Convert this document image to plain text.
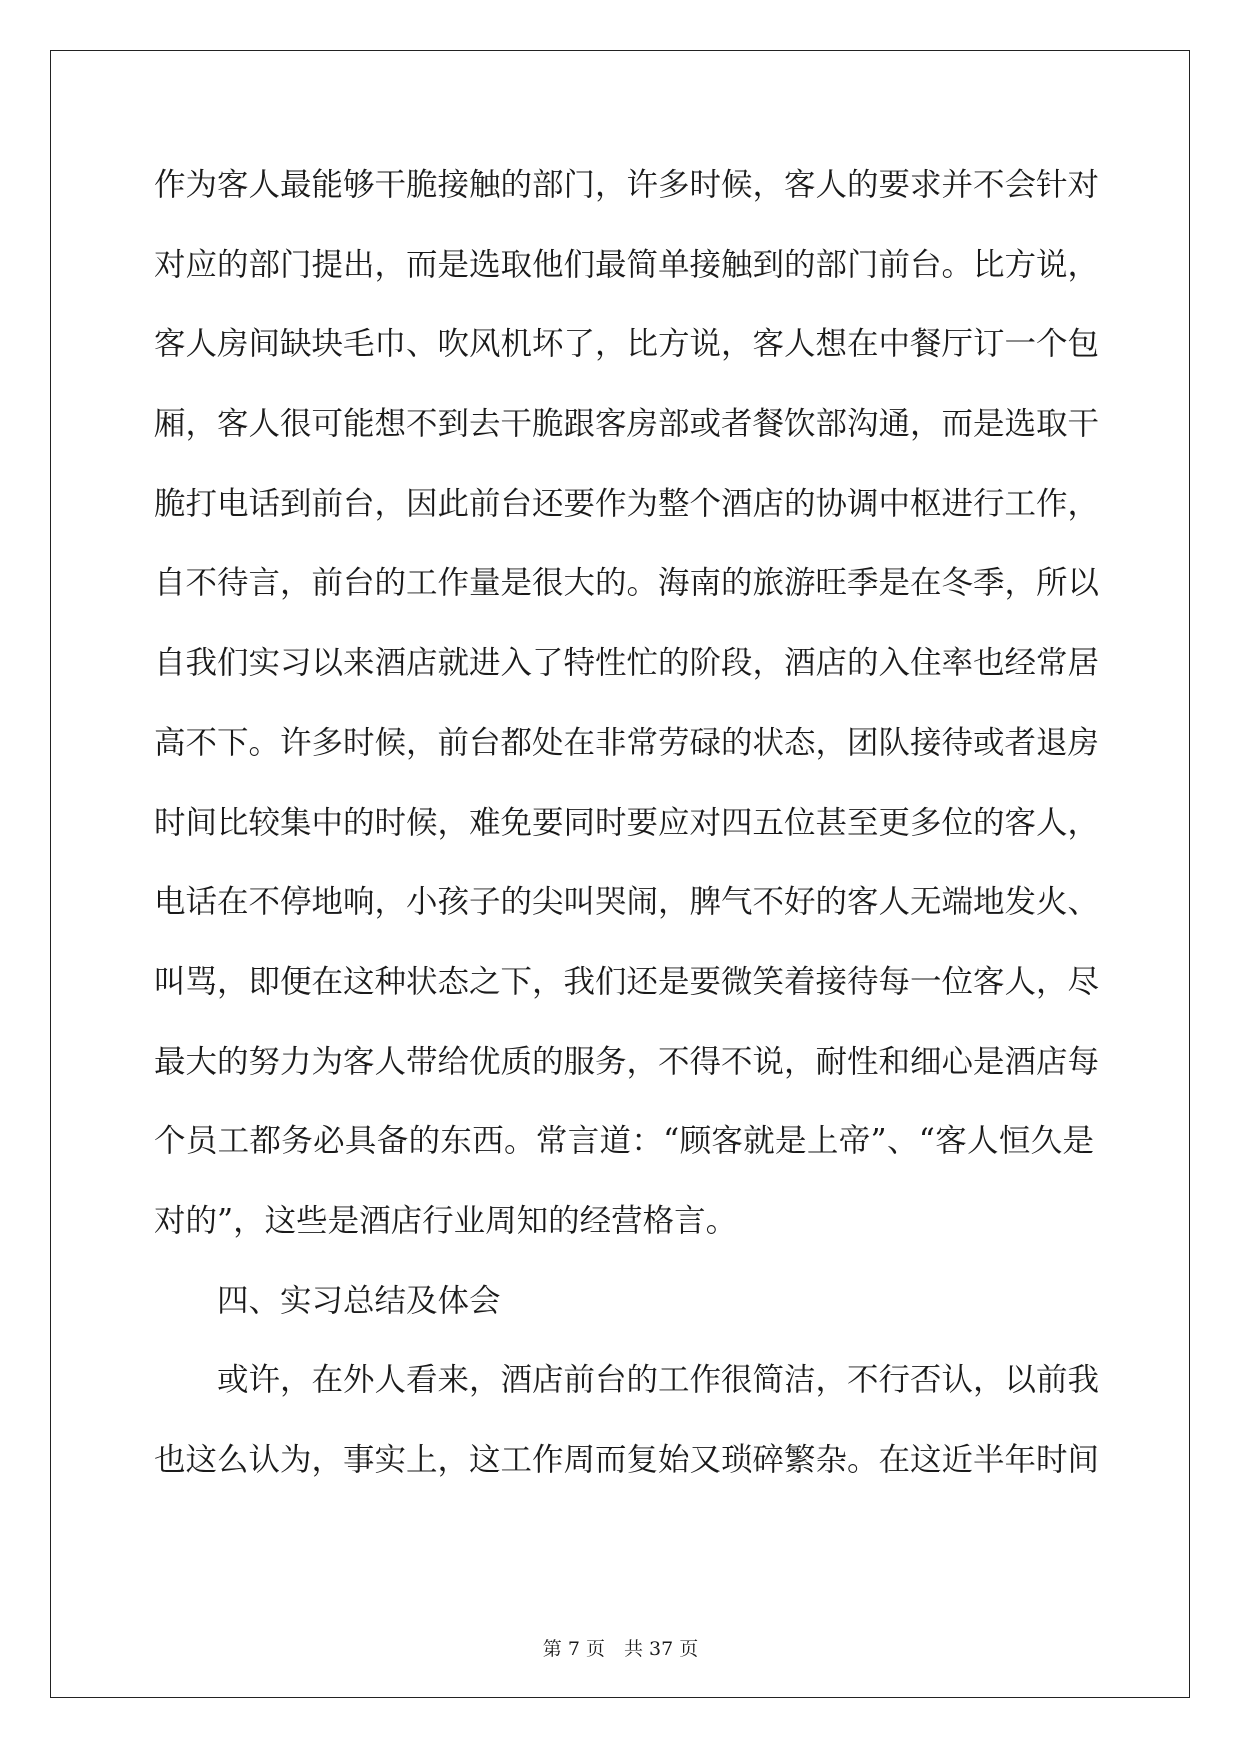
作为客人最能够干脆接触的部门，许多时候，客人的要求并不会针对
对应的部门提出，而是选取他们最简单接触到的部门前台。比方说，
客人房间缺块毛巾、吹风机坏了，比方说，客人想在中餐厅订一个包
厢，客人很可能想不到去干脆跟客房部或者餐饮部沟通，而是选取干
脆打电话到前台，因此前台还要作为整个酒店的协调中枢进行工作，
自不待言，前台的工作量是很大的。海南的旅游旺季是在冬季，所以
自我们实习以来酒店就进入了特性忙的阶段，酒店的入住率也经常居
高不下。许多时候，前台都处在非常劳碌的状态，团队接待或者退房
时间比较集中的时候，难免要同时要应对四五位甚至更多位的客人，
电话在不停地响，小孩子的尖叫哭闹，脾气不好的客人无端地发火、
叫骂，即便在这种状态之下，我们还是要微笑着接待每一位客人，尽
最大的努力为客人带给优质的服务，不得不说，耐性和细心是酒店每
个员工都务必具备的东西。常言道：“顾客就是上帝”、“客人恒久是
对的”，这些是酒店行业周知的经营格言。
四、实习总结及体会
或许，在外人看来，酒店前台的工作很简洁，不行否认，以前我
也这么认为，事实上，这工作周而复始又琐碎繁杂。在这近半年时间
第 7 页　共 37 页
